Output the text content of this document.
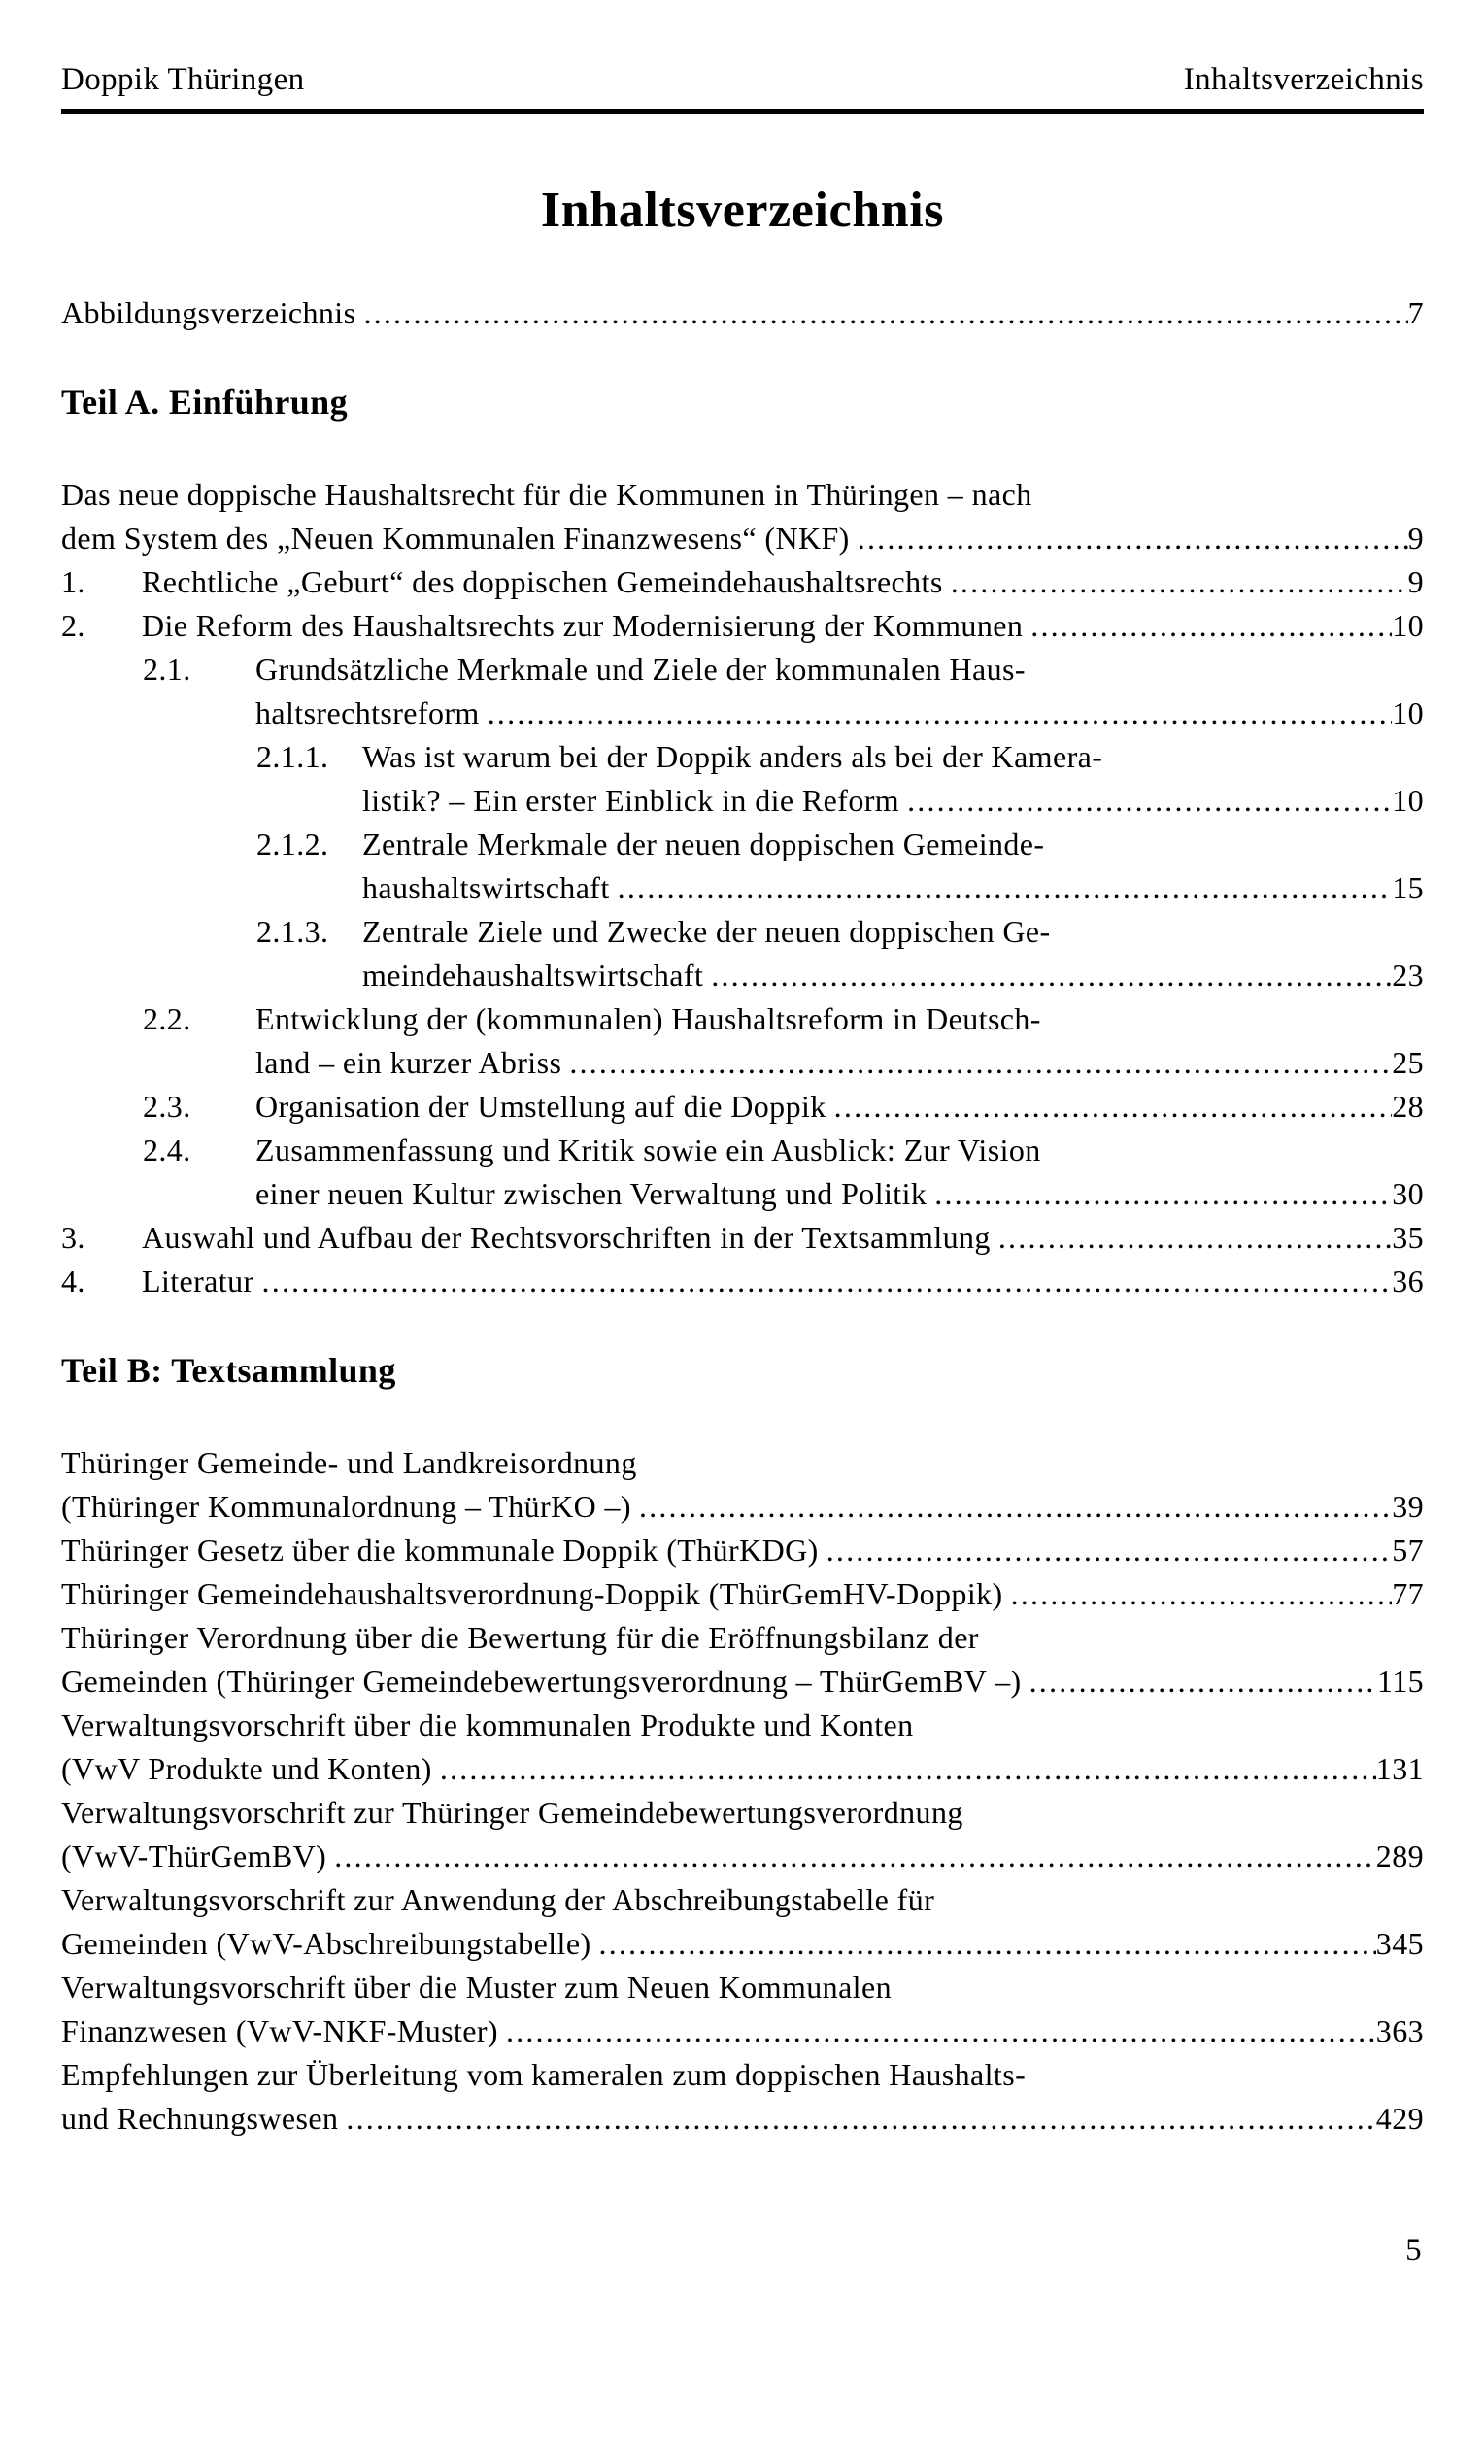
Doppik Thüringen	Inhaltsverzeichnis
Inhaltsverzeichnis
Abbildungsverzeichnis .....	7
Teil A. Einführung
Das neue doppische Haushaltsrecht für die Kommunen in Thüringen – nach
dem System des „Neuen Kommunalen Finanzwesens“ (NKF) .....	9
1.	Rechtliche „Geburt“ des doppischen Gemeindehaushaltsrechts .....	9
2.	Die Reform des Haushaltsrechts zur Modernisierung der Kommunen .....	10
2.1.	Grundsätzliche Merkmale und Ziele der kommunalen Haus-
haltsrechtsreform .....	10
2.1.1.	Was ist warum bei der Doppik anders als bei der Kamera-
listik? – Ein erster Einblick in die Reform .....	10
2.1.2.	Zentrale Merkmale der neuen doppischen Gemeinde-
haushaltswirtschaft .....	15
2.1.3.	Zentrale Ziele und Zwecke der neuen doppischen Ge-
meindehaushaltswirtschaft .....	23
2.2.	Entwicklung der (kommunalen) Haushaltsreform in Deutsch-
land – ein kurzer Abriss .....	25
2.3.	Organisation der Umstellung auf die Doppik .....	28
2.4.	Zusammenfassung und Kritik sowie ein Ausblick: Zur Vision
einer neuen Kultur zwischen Verwaltung und Politik .....	30
3.	Auswahl und Aufbau der Rechtsvorschriften in der Textsammlung .....	35
4.	Literatur .....	36
Teil B: Textsammlung
Thüringer Gemeinde- und Landkreisordnung
(Thüringer Kommunalordnung – ThürKO –) .....	39
Thüringer Gesetz über die kommunale Doppik (ThürKDG) .....	57
Thüringer Gemeindehaushaltsverordnung-Doppik (ThürGemHV-Doppik) .....	77
Thüringer Verordnung über die Bewertung für die Eröffnungsbilanz der
Gemeinden (Thüringer Gemeindebewertungsverordnung – ThürGemBV –) .....	115
Verwaltungsvorschrift über die kommunalen Produkte und Konten
(VwV Produkte und Konten) .....	131
Verwaltungsvorschrift zur Thüringer Gemeindebewertungsverordnung
(VwV-ThürGemBV) .....	289
Verwaltungsvorschrift zur Anwendung der Abschreibungstabelle für
Gemeinden (VwV-Abschreibungstabelle) .....	345
Verwaltungsvorschrift über die Muster zum Neuen Kommunalen
Finanzwesen (VwV-NKF-Muster) .....	363
Empfehlungen zur Überleitung vom kameralen zum doppischen Haushalts-
und Rechnungswesen .....	429
5
